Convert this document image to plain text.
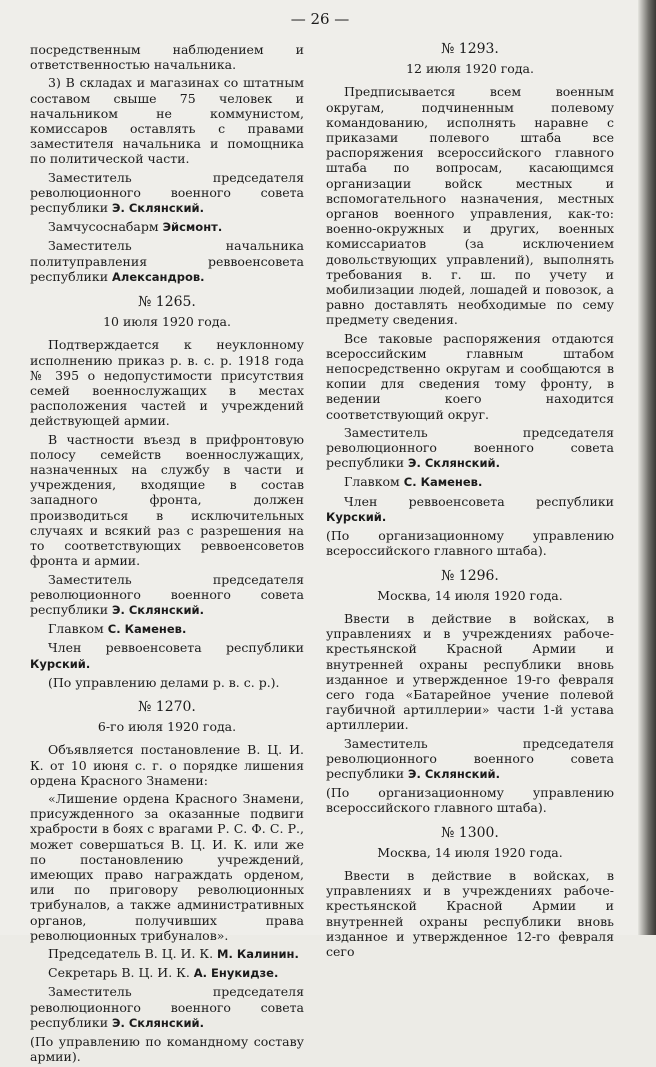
— 26 —

посредственным наблюдением и ответственностью начальника.

3) В складах и магазинах со штатным составом свыше 75 человек и начальником не коммунистом, комиссаров оставлять с правами заместителя начальника и помощника по политической части.

Заместитель председателя революционного военного совета республики Э. Склянский.

Замчусоснабарм Эйсмонт.

Заместитель начальника политуправления реввоенсовета республики Александров.

№ 1265.

10 июля 1920 года.

Подтверждается к неуклонному исполнению приказ р. в. с. р. 1918 года № 395 о недопустимости присутствия семей военнослужащих в местах расположения частей и учреждений действующей армии.

В частности въезд в прифронтовую полосу семейств военнослужащих, назначенных на службу в части и учреждения, входящие в состав западного фронта, должен производиться в исключительных случаях и всякий раз с разрешения на то соответствующих реввоенсоветов фронта и армии.

Заместитель председателя революционного военного совета республики Э. Склянский.

Главком С. Каменев.

Член реввоенсовета республики Курский.

(По управлению делами р. в. с. р.).

№ 1270.

6-го июля 1920 года.

Объявляется постановление В. Ц. И. К. от 10 июня с. г. о порядке лишения ордена Красного Знамени:

«Лишение ордена Красного Знамени, присужденного за оказанные подвиги храбрости в боях с врагами Р. С. Ф. С. Р., может совершаться В. Ц. И. К. или же по постановлению учреждений, имеющих право награждать орденом, или по приговору революционных трибуналов, а также административных органов, получивших права революционных трибуналов».

Председатель В. Ц. И. К. М. Калинин.

Секретарь В. Ц. И. К. А. Енукидзе.

Заместитель председателя революционного военного совета республики Э. Склянский.

(По управлению по командному составу армии).

№ 1293.

12 июля 1920 года.

Предписывается всем военным округам, подчиненным полевому командованию, исполнять наравне с приказами полевого штаба все распоряжения всероссийского главного штаба по вопросам, касающимся организации войск местных и вспомогательного назначения, местных органов военного управления, как-то: военно-окружных и других, военных комиссариатов (за исключением довольствующих управлений), выполнять требования в. г. ш. по учету и мобилизации людей, лошадей и повозок, а равно доставлять необходимые по сему предмету сведения.

Все таковые распоряжения отдаются всероссийским главным штабом непосредственно округам и сообщаются в копии для сведения тому фронту, в ведении коего находится соответствующий округ.

Заместитель председателя революционного военного совета республики Э. Склянский.

Главком С. Каменев.

Член реввоенсовета республики Курский.

(По организационному управлению всероссийского главного штаба).

№ 1296.

Москва, 14 июля 1920 года.

Ввести в действие в войсках, в управлениях и в учреждениях рабоче-крестьянской Красной Армии и внутренней охраны республики вновь изданное и утвержденное 19-го февраля сего года «Батарейное учение полевой гаубичной артиллерии» части 1-й устава артиллерии.

Заместитель председателя революционного военного совета республики Э. Склянский.

(По организационному управлению всероссийского главного штаба).

№ 1300.

Москва, 14 июля 1920 года.

Ввести в действие в войсках, в управлениях и в учреждениях рабоче-крестьянской Красной Армии и внутренней охраны республики вновь изданное и утвержденное 12-го февраля сего
